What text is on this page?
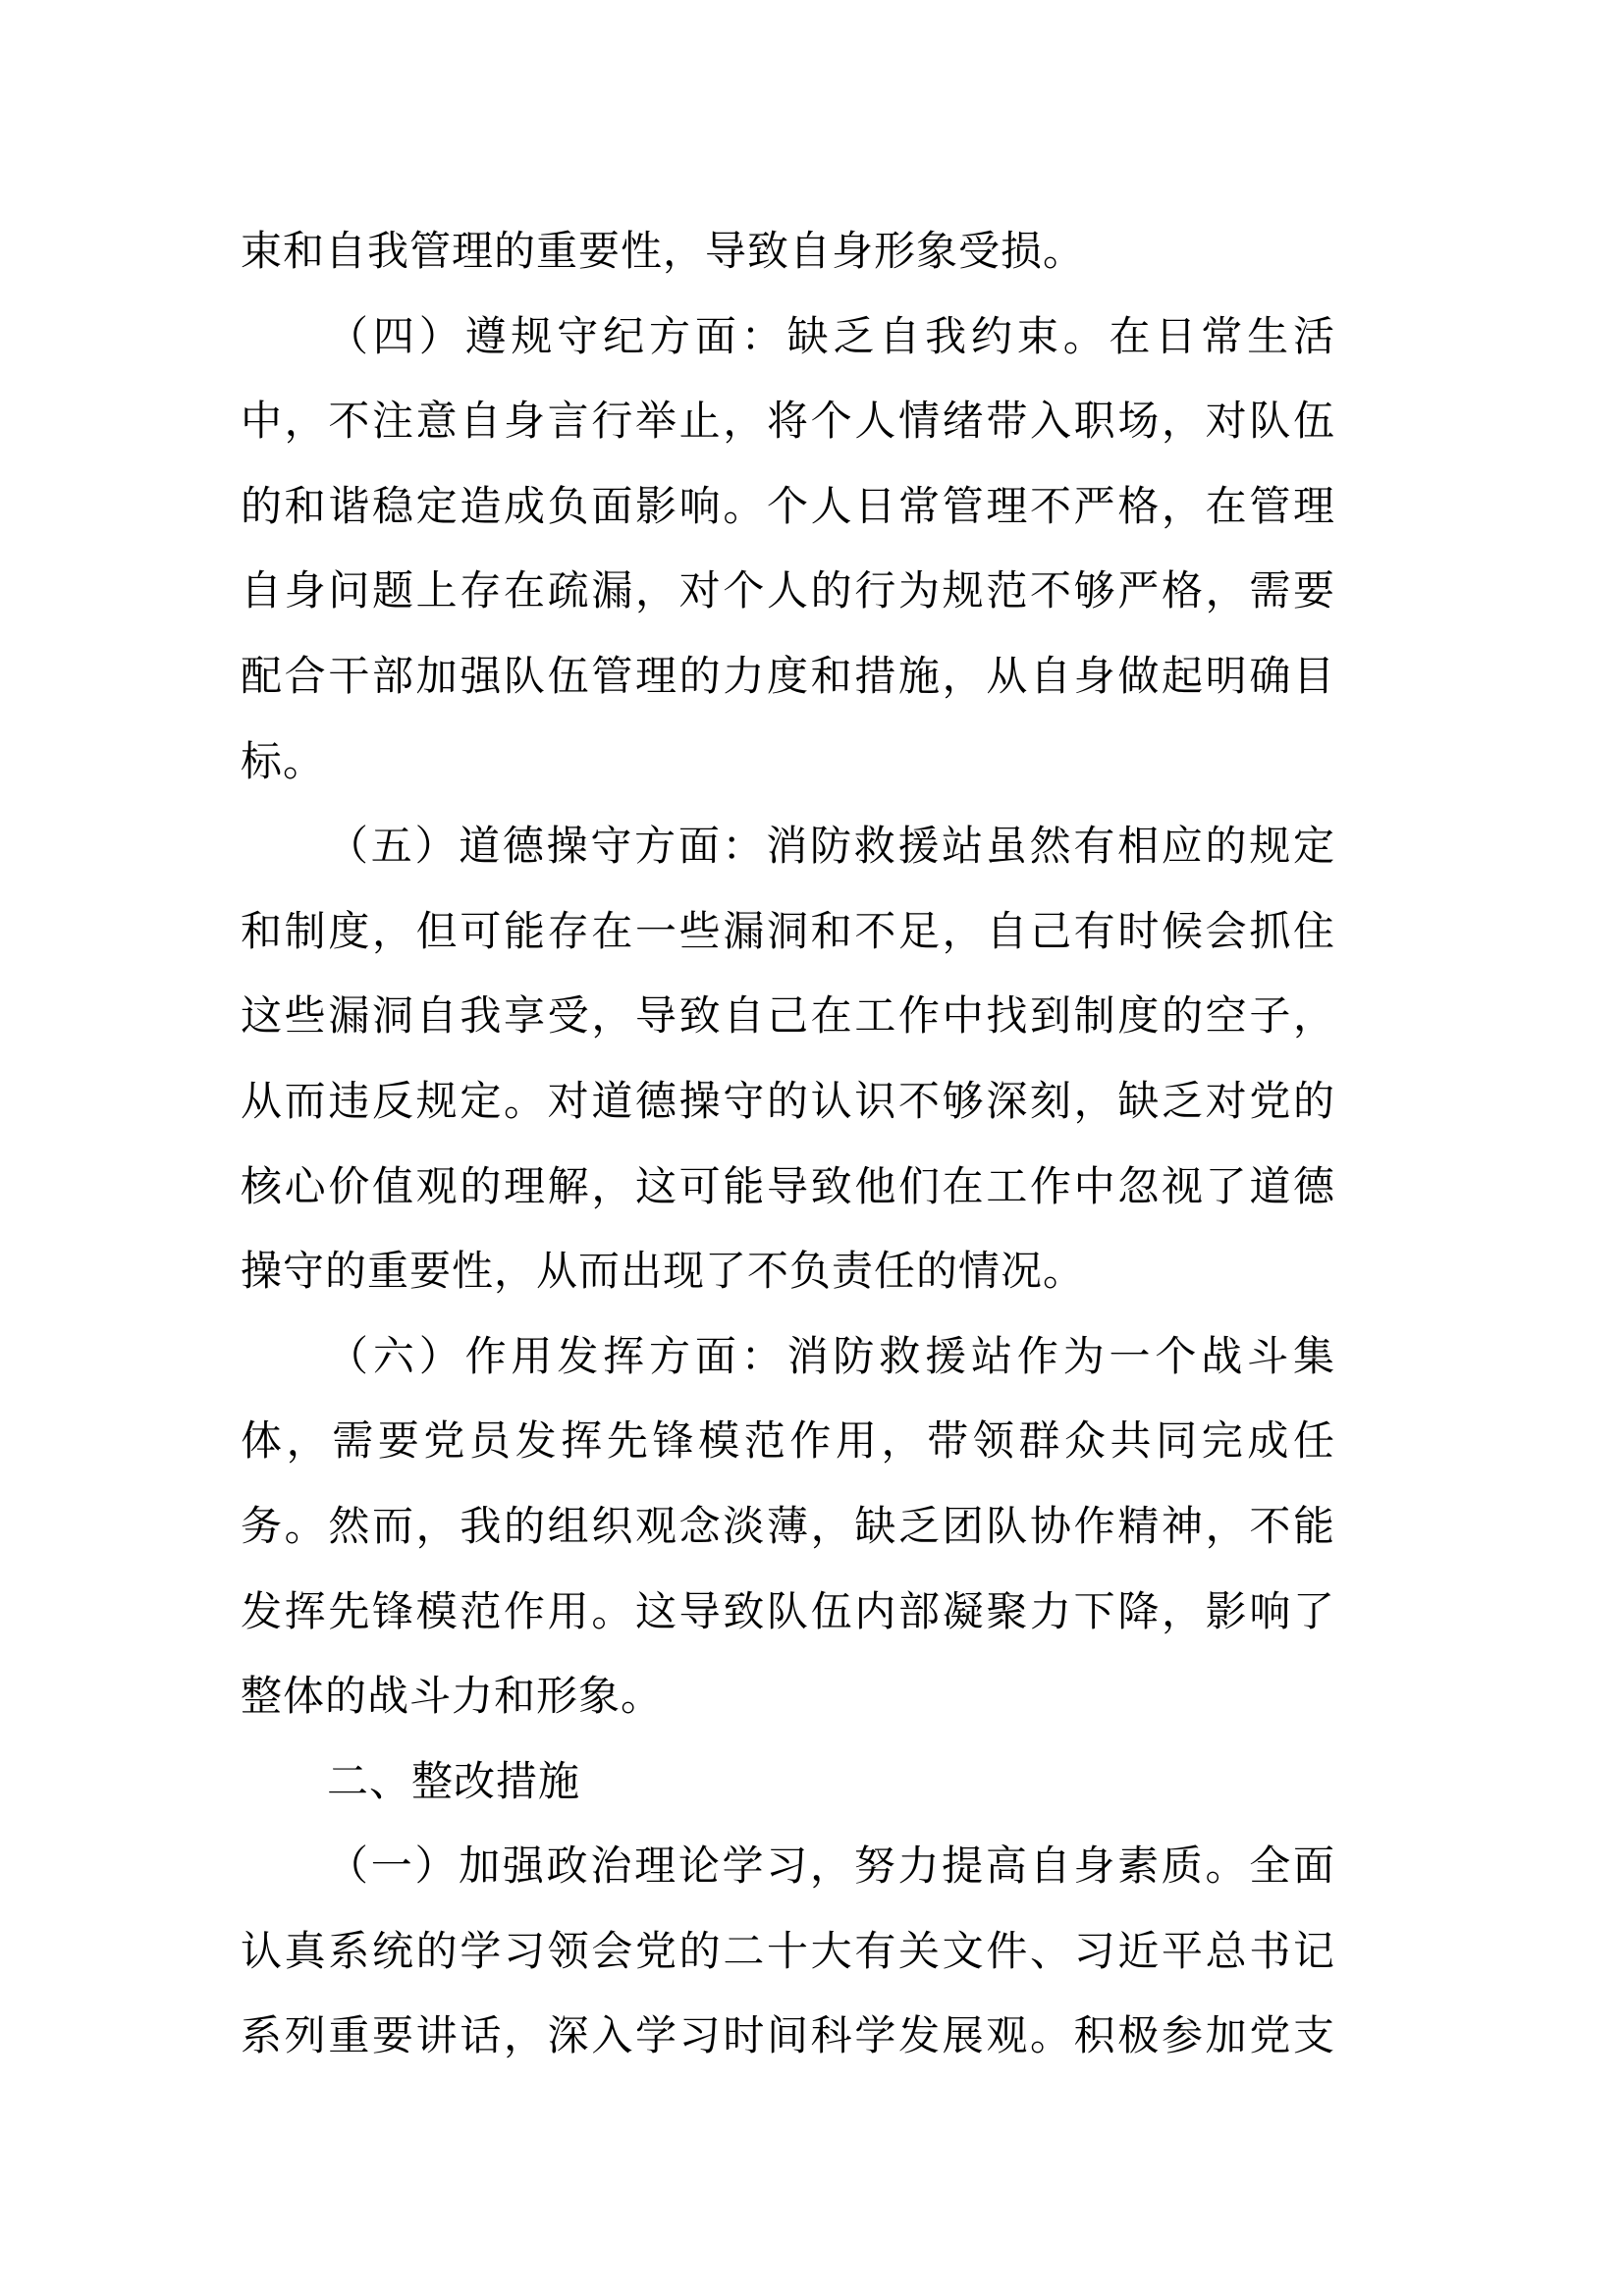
束和自我管理的重要性，导致自身形象受损。
（四）遵规守纪方面：缺乏自我约束。在日常生活
中，不注意自身言行举止，将个人情绪带入职场，对队伍
的和谐稳定造成负面影响。个人日常管理不严格，在管理
自身问题上存在疏漏，对个人的行为规范不够严格，需要
配合干部加强队伍管理的力度和措施，从自身做起明确目
标。
（五）道德操守方面：消防救援站虽然有相应的规定
和制度，但可能存在一些漏洞和不足，自己有时候会抓住
这些漏洞自我享受，导致自己在工作中找到制度的空子，
从而违反规定。对道德操守的认识不够深刻，缺乏对党的
核心价值观的理解，这可能导致他们在工作中忽视了道德
操守的重要性，从而出现了不负责任的情况。
（六）作用发挥方面：消防救援站作为一个战斗集
体，需要党员发挥先锋模范作用，带领群众共同完成任
务。然而，我的组织观念淡薄，缺乏团队协作精神，不能
发挥先锋模范作用。这导致队伍内部凝聚力下降，影响了
整体的战斗力和形象。
二、整改措施
（一）加强政治理论学习，努力提高自身素质。全面
认真系统的学习领会党的二十大有关文件、习近平总书记
系列重要讲话，深入学习时间科学发展观。积极参加党支
